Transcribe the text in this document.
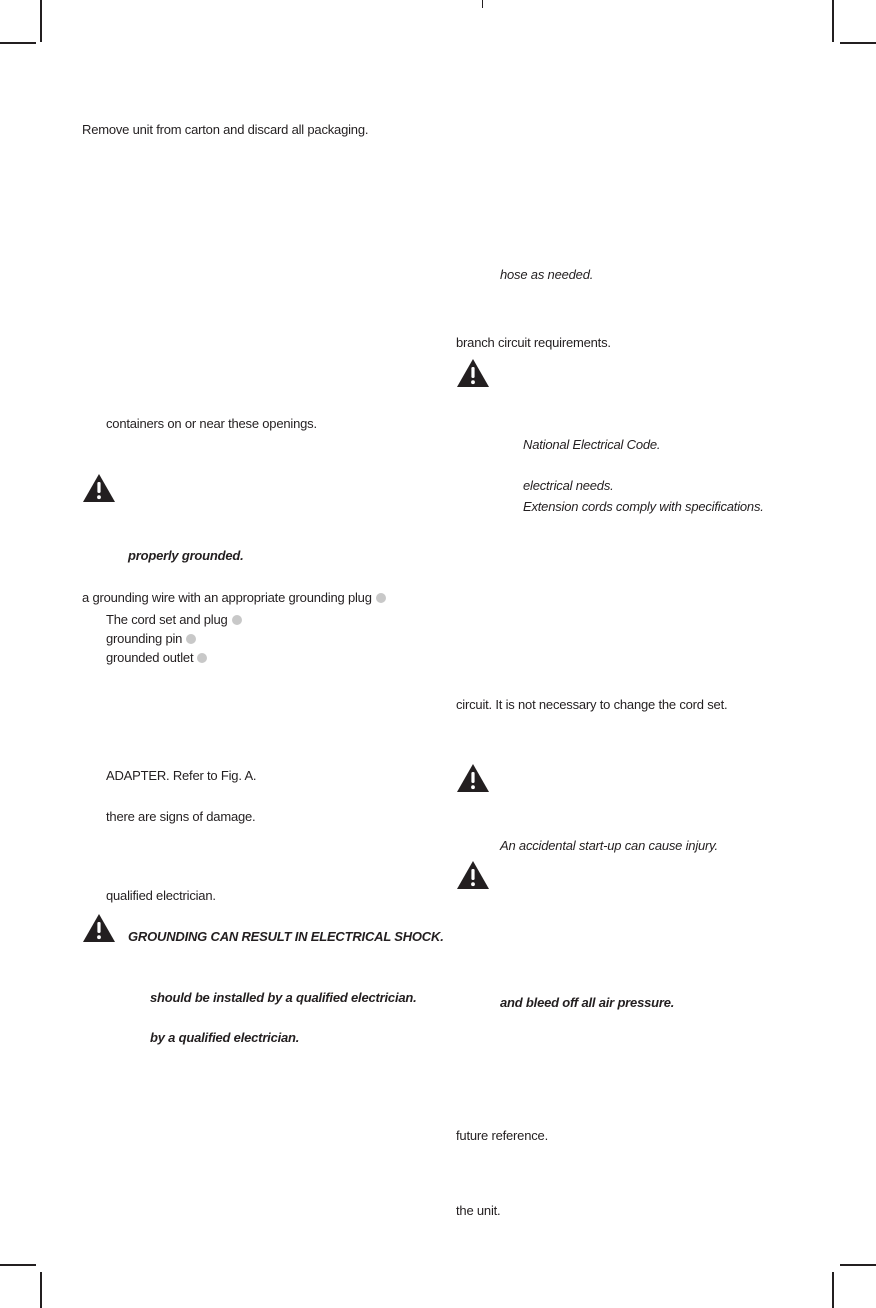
Remove unit from carton and discard all packaging.
containers on or near these openings.
properly grounded.
a grounding wire with an appropriate grounding plug
The cord set and plug
grounding pin
grounded outlet
ADAPTER. Refer to Fig. A.
there are signs of damage.
qualified electrician.
GROUNDING CAN RESULT IN ELECTRICAL SHOCK.
should be installed by a qualified electrician.
by a qualified electrician.
hose as needed.
branch circuit requirements.
National Electrical Code.
electrical needs.
Extension cords comply with specifications.
circuit. It is not necessary to change the cord set.
An accidental start-up can cause injury.
and bleed off all air pressure.
future reference.
the unit.
